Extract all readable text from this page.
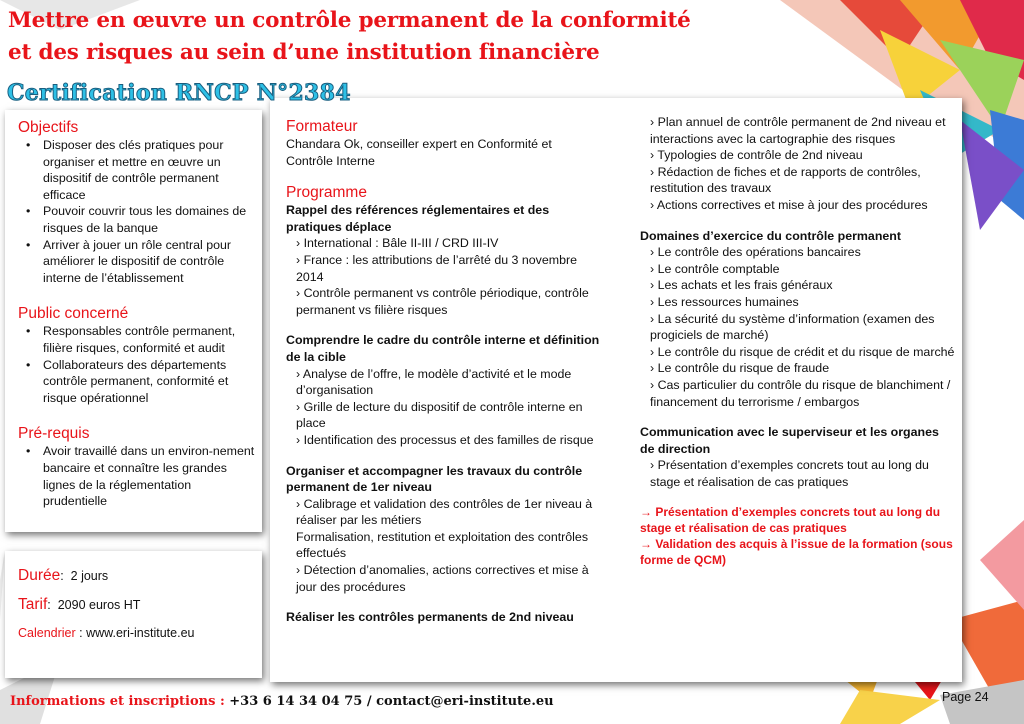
Mettre en œuvre un contrôle permanent de la conformité
et des risques au sein d’une institution financière
Certification RNCP N°2384
Objectifs
• Disposer des clés pratiques pour organiser et mettre en œuvre un dispositif de contrôle permanent efficace
• Pouvoir couvrir tous les domaines de risques de la banque
• Arriver à jouer un rôle central pour améliorer le dispositif de contrôle interne de l’établissement
Public concerné
• Responsables contrôle permanent, filière risques, conformité et audit
• Collaborateurs des départements contrôle permanent, conformité et risque opérationnel
Pré-requis
• Avoir travaillé dans un environ-nement bancaire et connaître les grandes lignes de la réglementation prudentielle
Durée:  2 jours
Tarif:  2090 euros HT
Calendrier : www.eri-institute.eu
Formateur
Chandara Ok, conseiller expert en Conformité et Contrôle Interne
Programme
Rappel des références réglementaires et des pratiques déplace
› International : Bâle II-III / CRD III-IV
› France : les attributions de l’arrêté du 3 novembre 2014
› Contrôle permanent vs contrôle périodique, contrôle permanent vs filière risques
Comprendre le cadre du contrôle interne et définition de la cible
› Analyse de l’offre, le modèle d’activité et le mode d’organisation
› Grille de lecture du dispositif de contrôle interne en place
› Identification des processus et des familles de risque
Organiser et accompagner les travaux du contrôle permanent de 1er niveau
› Calibrage et validation des contrôles de 1er niveau à réaliser par les métiers
Formalisation, restitution et exploitation des contrôles effectués
› Détection d’anomalies, actions correctives et mise à jour des procédures
Réaliser les contrôles permanents de 2nd niveau
› Plan annuel de contrôle permanent de 2nd niveau et interactions avec la cartographie des risques
› Typologies de contrôle de 2nd niveau
› Rédaction de fiches et de rapports de contrôles, restitution des travaux
› Actions correctives et mise à jour des procédures
Domaines d’exercice du contrôle permanent
› Le contrôle des opérations bancaires
› Le contrôle comptable
› Les achats et les frais généraux
› Les ressources humaines
› La sécurité du système d’information (examen des progiciels de marché)
› Le contrôle du risque de crédit et du risque de marché
› Le contrôle du risque de fraude
› Cas particulier du contrôle du risque de blanchiment / financement du terrorisme / embargos
Communication avec le superviseur et les organes de direction
› Présentation d’exemples concrets tout au long du stage et réalisation de cas pratiques
→ Présentation d’exemples concrets tout au long du stage et réalisation de cas pratiques
→ Validation des acquis à l’issue de la formation (sous forme de QCM)
Informations et inscriptions : +33 6 14 34 04 75 / contact@eri-institute.eu	Page 24
